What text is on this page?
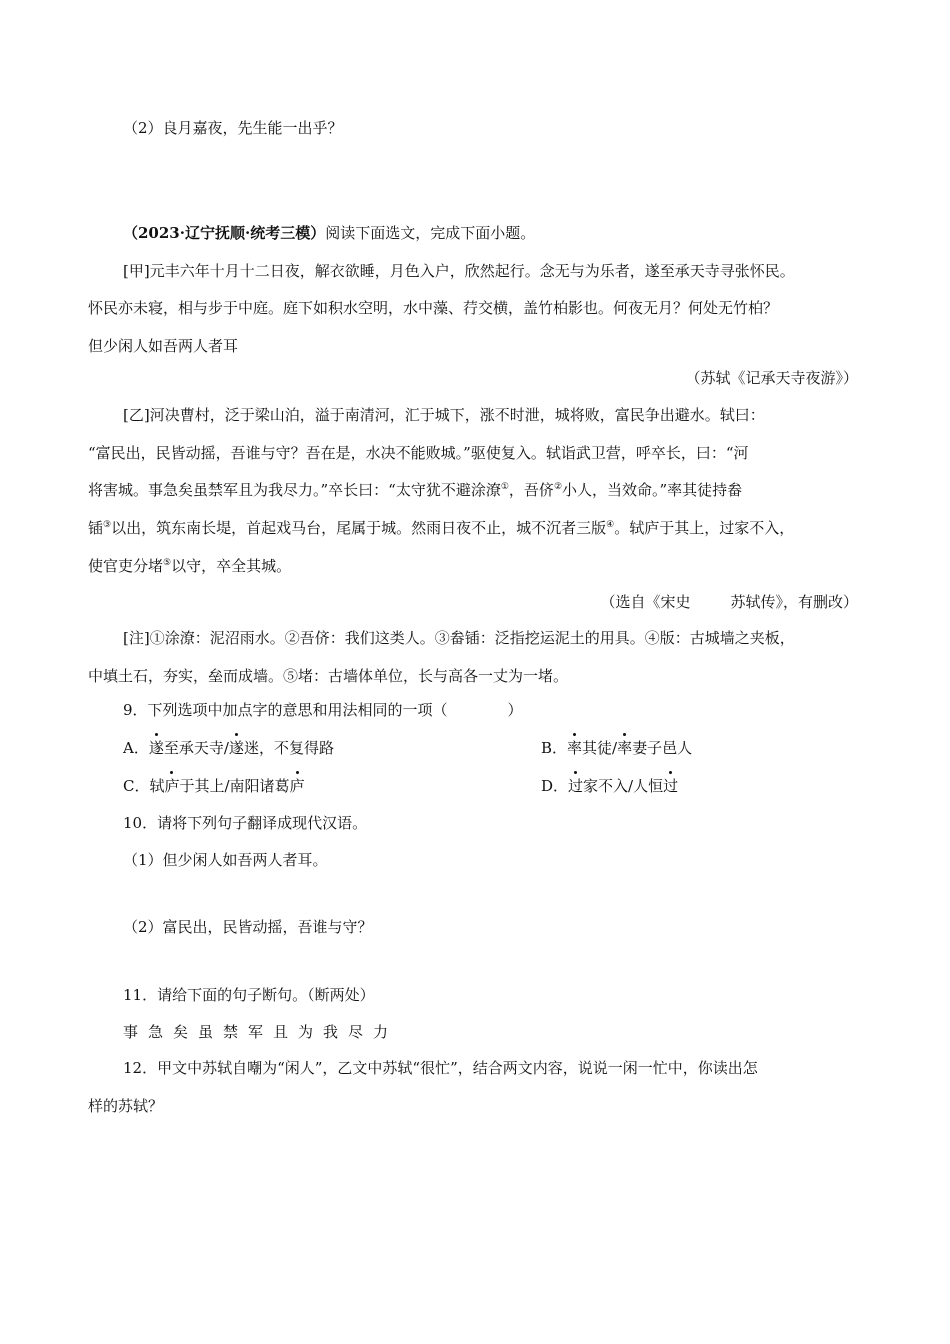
（2）良月嘉夜，先生能一出乎？
（2023·辽宁抚顺·统考三模）阅读下面选文，完成下面小题。
[甲]元丰六年十月十二日夜，解衣欲睡，月色入户，欣然起行。念无与为乐者，遂至承天寺寻张怀民。
怀民亦未寝，相与步于中庭。庭下如积水空明，水中藻、荇交横，盖竹柏影也。何夜无月？何处无竹柏？
但少闲人如吾两人者耳
（苏轼《记承天寺夜游》）
[乙]河决曹村，泛于梁山泊，溢于南清河，汇于城下，涨不时泄，城将败，富民争出避水。轼曰：
“富民出，民皆动摇，吾谁与守？吾在是，水决不能败城。”驱使复入。轼诣武卫营，呼卒长，曰：“河
将害城。事急矣虽禁军且为我尽力。”卒长曰：“太守犹不避涂潦①，吾侪②小人，当效命。”率其徒持畚
锸③以出，筑东南长堤，首起戏马台，尾属于城。然雨日夜不止，城不沉者三版④。轼庐于其上，过家不入，
使官吏分堵⑤以守，卒全其城。
（选自《宋史	苏轼传》，有删改）
[注]①涂潦：泥沼雨水。②吾侪：我们这类人。③畚锸：泛指挖运泥土的用具。④版：古城墙之夹板，
中填土石，夯实，垒而成墙。⑤堵：古墙体单位，长与高各一丈为一堵。
9．下列选项中加点字的意思和用法相同的一项（	）
A．遂至承天寺/遂迷，不复得路	B．率其徒/率妻子邑人
C．轼庐于其上/南阳诸葛庐	D．过家不入/人恒过
10．请将下列句子翻译成现代汉语。
（1）但少闲人如吾两人者耳。
（2）富民出，民皆动摇，吾谁与守？
11．请给下面的句子断句。（断两处）
事急矣虽禁军且为我尽力
12．甲文中苏轼自嘲为“闲人”，乙文中苏轼“很忙”，结合两文内容，说说一闲一忙中，你读出怎
样的苏轼？
